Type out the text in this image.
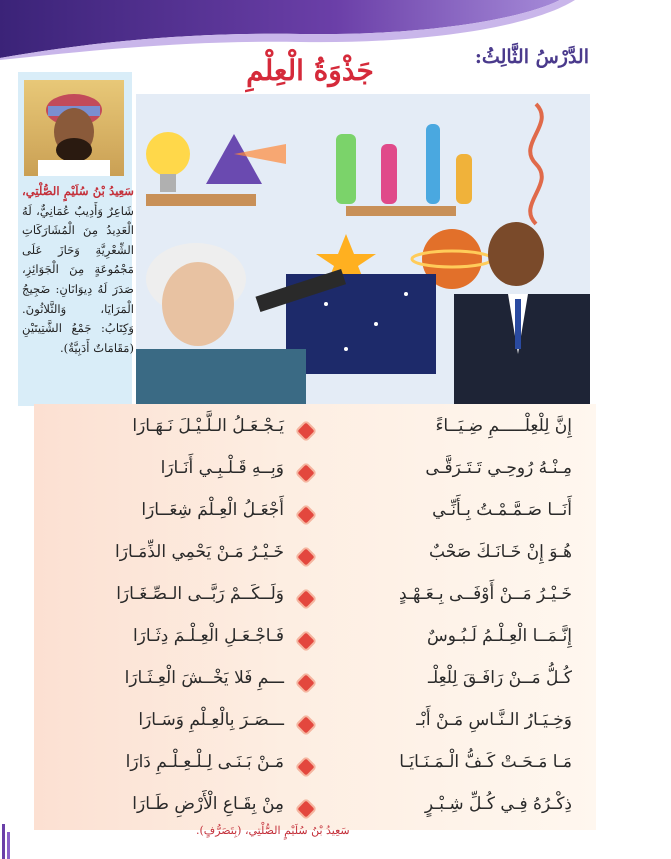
الدَّرْسُ الثَّالِثُ:
جَذْوَةُ الْعِلْمِ
سَعِيدُ بْنُ سُلَيْمٍ الصُّلْتِي، شَاعِرٌ وَأَدِيبٌ عُمَانِيٌّ، لَهُ الْعَدِيدُ مِنَ الْمُشَارَكَاتِ الشِّعْرِيَّةِ وَحَازَ عَلَى مَجْمُوعَةٍ مِنَ الْجَوَائِزِ، صَدَرَ لَهُ دِيوَانَانِ: ضَجِيجُ الْمَرَايَا، وَالثَّلاثُونَ. وَكِتَابُ: جَمْعُ الشَّتِيتَيْنِ (مَقَامَاتٌ أَدَبِيَّةٌ).
إِنَّ لِلْعِلْـــــمِ ضِـيَــاءً
يَـجْـعَـلُ الـلَّـيْـلَ نَـهَـارَا
مِـنْـهُ رُوحِـي تَـتَـرَقَّـى
وَبِــهِ قَـلْـبِـي أَنَـارَا
أَنَــا صَـمَّـمْـتُ بِـأَنِّـي
أَجْعَـلُ الْعِـلْمَ شِعَــارَا
هُـوَ إِنْ خَـانَـكَ صَحْبٌ
خَـيْـرُ مَـنْ يَحْمِي الذِّمَـارَا
خَـيْـرُ مَــنْ أَوْفَــى بِـعَـهْـدٍ
وَلَــكَــمْ رَبَّــى الـصِّـغَـارَا
إِنَّـمَــا الْعِـلْـمُ لَـبُـوسٌ
فَـاجْـعَـلِ الْعِـلْـمَ دِثَـارَا
كُـلُّ مَــنْ رَافَـقَ لِلْعِلْـ
ـــمِ فَلا يَخْــشَ الْعِـثَـارَا
وَخِـيَـارُ الـنَّـاسِ مَـنْ أَبْـ
ـــصَـرَ بِالْعِـلْمِ وَسَـارَا
مَـا مَـحَـتْ كَـفُّ الْـمَـنَـايَـا
مَـنْ بَـنَـى لِـلْـعِـلْـمِ دَارَا
ذِكْـرُهُ فِـي كُـلِّ شِـبْـرٍ
مِنْ بِقَـاعِ الْأَرْضِ طَـارَا
سَعِيدُ بْنُ سُلَيْمٍ الصُّلْتِي، (بِتَصَرُّفٍ).
